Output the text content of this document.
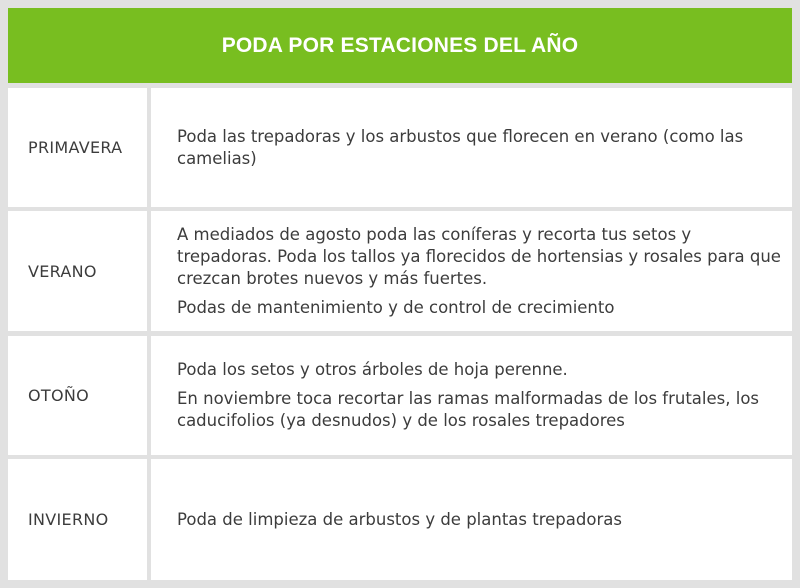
PODA POR ESTACIONES DEL AÑO
PRIMAVERA

Poda las trepadoras y los arbustos que florecen en verano (como las camelias)

VERANO

A mediados de agosto poda las coníferas y recorta tus setos y trepadoras. Poda los tallos ya florecidos de hortensias y rosales para que crezcan brotes nuevos y más fuertes.

Podas de mantenimiento y de control de crecimiento

OTOÑO

Poda los setos y otros árboles de hoja perenne.

En noviembre toca recortar las ramas malformadas de los frutales, los caducifolios (ya desnudos) y de los rosales trepadores

INVIERNO	Poda de limpieza de arbustos y de plantas trepadoras
